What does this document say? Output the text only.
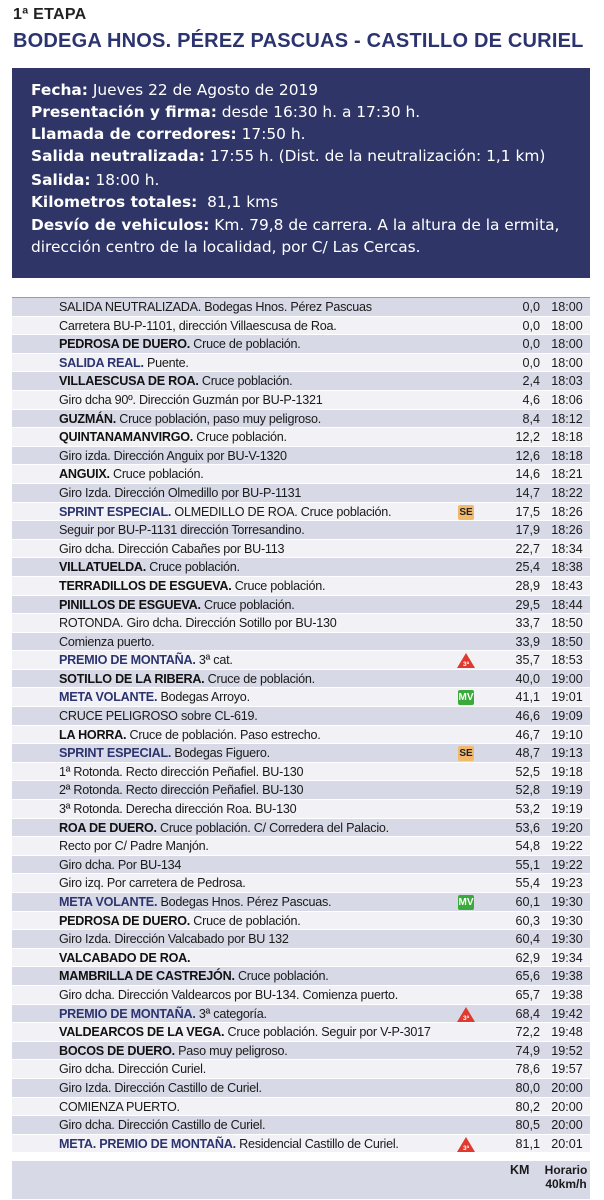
1ª ETAPA
BODEGA HNOS. PÉREZ PASCUAS - CASTILLO DE CURIEL
Fecha: Jueves 22 de Agosto de 2019
Presentación y firma: desde 16:30 h. a 17:30 h.
Llamada de corredores: 17:50 h.
Salida neutralizada: 17:55 h. (Dist. de la neutralización: 1,1 km)
Salida: 18:00 h.
Kilometros totales:  81,1 kms
Desvío de vehiculos: Km. 79,8 de carrera. A la altura de la ermita, dirección centro de la localidad, por C/ Las Cercas.
SALIDA NEUTRALIZADA. Bodegas Hnos. Pérez Pascuas	0,0 18:00
Carretera BU-P-1101, dirección Villaescusa de Roa.	0,0 18:00
PEDROSA DE DUERO. Cruce de población.	0,0 18:00
SALIDA REAL. Puente.	0,0 18:00
VILLAESCUSA DE ROA. Cruce población.	2,4 18:03
Giro dcha 90º. Dirección Guzmán por BU-P-1321	4,6 18:06
GUZMÁN. Cruce población, paso muy peligroso.	8,4 18:12
QUINTANAMANVIRGO. Cruce población.	12,2 18:18
Giro izda. Dirección Anguix por BU-V-1320	12,6 18:18
ANGUIX. Cruce población.	14,6 18:21
Giro Izda. Dirección Olmedillo por BU-P-1131	14,7 18:22
SPRINT ESPECIAL. OLMEDILLO DE ROA. Cruce población.	SE	17,5 18:26
Seguir por BU-P-1131 dirección Torresandino.	17,9 18:26
Giro dcha. Dirección Cabañes por BU-113	22,7 18:34
VILLATUELDA. Cruce población.	25,4 18:38
TERRADILLOS DE ESGUEVA. Cruce población.	28,9 18:43
PINILLOS DE ESGUEVA. Cruce población.	29,5 18:44
ROTONDA. Giro dcha. Dirección Sotillo por BU-130	33,7 18:50
Comienza puerto.	33,9 18:50
PREMIO DE MONTAÑA. 3ª cat.	3ª	35,7 18:53
SOTILLO DE LA RIBERA. Cruce de población.	40,0 19:00
META VOLANTE. Bodegas Arroyo.	MV	41,1 19:01
CRUCE PELIGROSO sobre CL-619.	46,6 19:09
LA HORRA. Cruce de población. Paso estrecho.	46,7 19:10
SPRINT ESPECIAL. Bodegas Figuero.	SE	48,7 19:13
1ª Rotonda. Recto dirección Peñafiel. BU-130	52,5 19:18
2ª Rotonda. Recto dirección Peñafiel. BU-130	52,8 19:19
3ª Rotonda. Derecha dirección Roa. BU-130	53,2 19:19
ROA DE DUERO. Cruce población. C/ Corredera del Palacio.	53,6 19:20
Recto por C/ Padre Manjón.	54,8 19:22
Giro dcha. Por BU-134	55,1 19:22
Giro izq. Por carretera de Pedrosa.	55,4 19:23
META VOLANTE. Bodegas Hnos. Pérez Pascuas.	MV	60,1 19:30
PEDROSA DE DUERO. Cruce de población.	60,3 19:30
Giro Izda. Dirección Valcabado por BU 132	60,4 19:30
VALCABADO DE ROA.	62,9 19:34
MAMBRILLA DE CASTREJÓN. Cruce población.	65,6 19:38
Giro dcha. Dirección Valdearcos por BU-134. Comienza puerto.	65,7 19:38
PREMIO DE MONTAÑA. 3ª categoría.	3ª	68,4 19:42
VALDEARCOS DE LA VEGA. Cruce población. Seguir por V-P-3017	72,2 19:48
BOCOS DE DUERO. Paso muy peligroso.	74,9 19:52
Giro dcha. Dirección Curiel.	78,6 19:57
Giro Izda. Dirección Castillo de Curiel.	80,0 20:00
COMIENZA PUERTO.	80,2 20:00
Giro dcha. Dirección Castillo de Curiel.	80,5 20:00
META. PREMIO DE MONTAÑA. Residencial Castillo de Curiel.	3ª	81,1 20:01
KM Horario
40km/h
